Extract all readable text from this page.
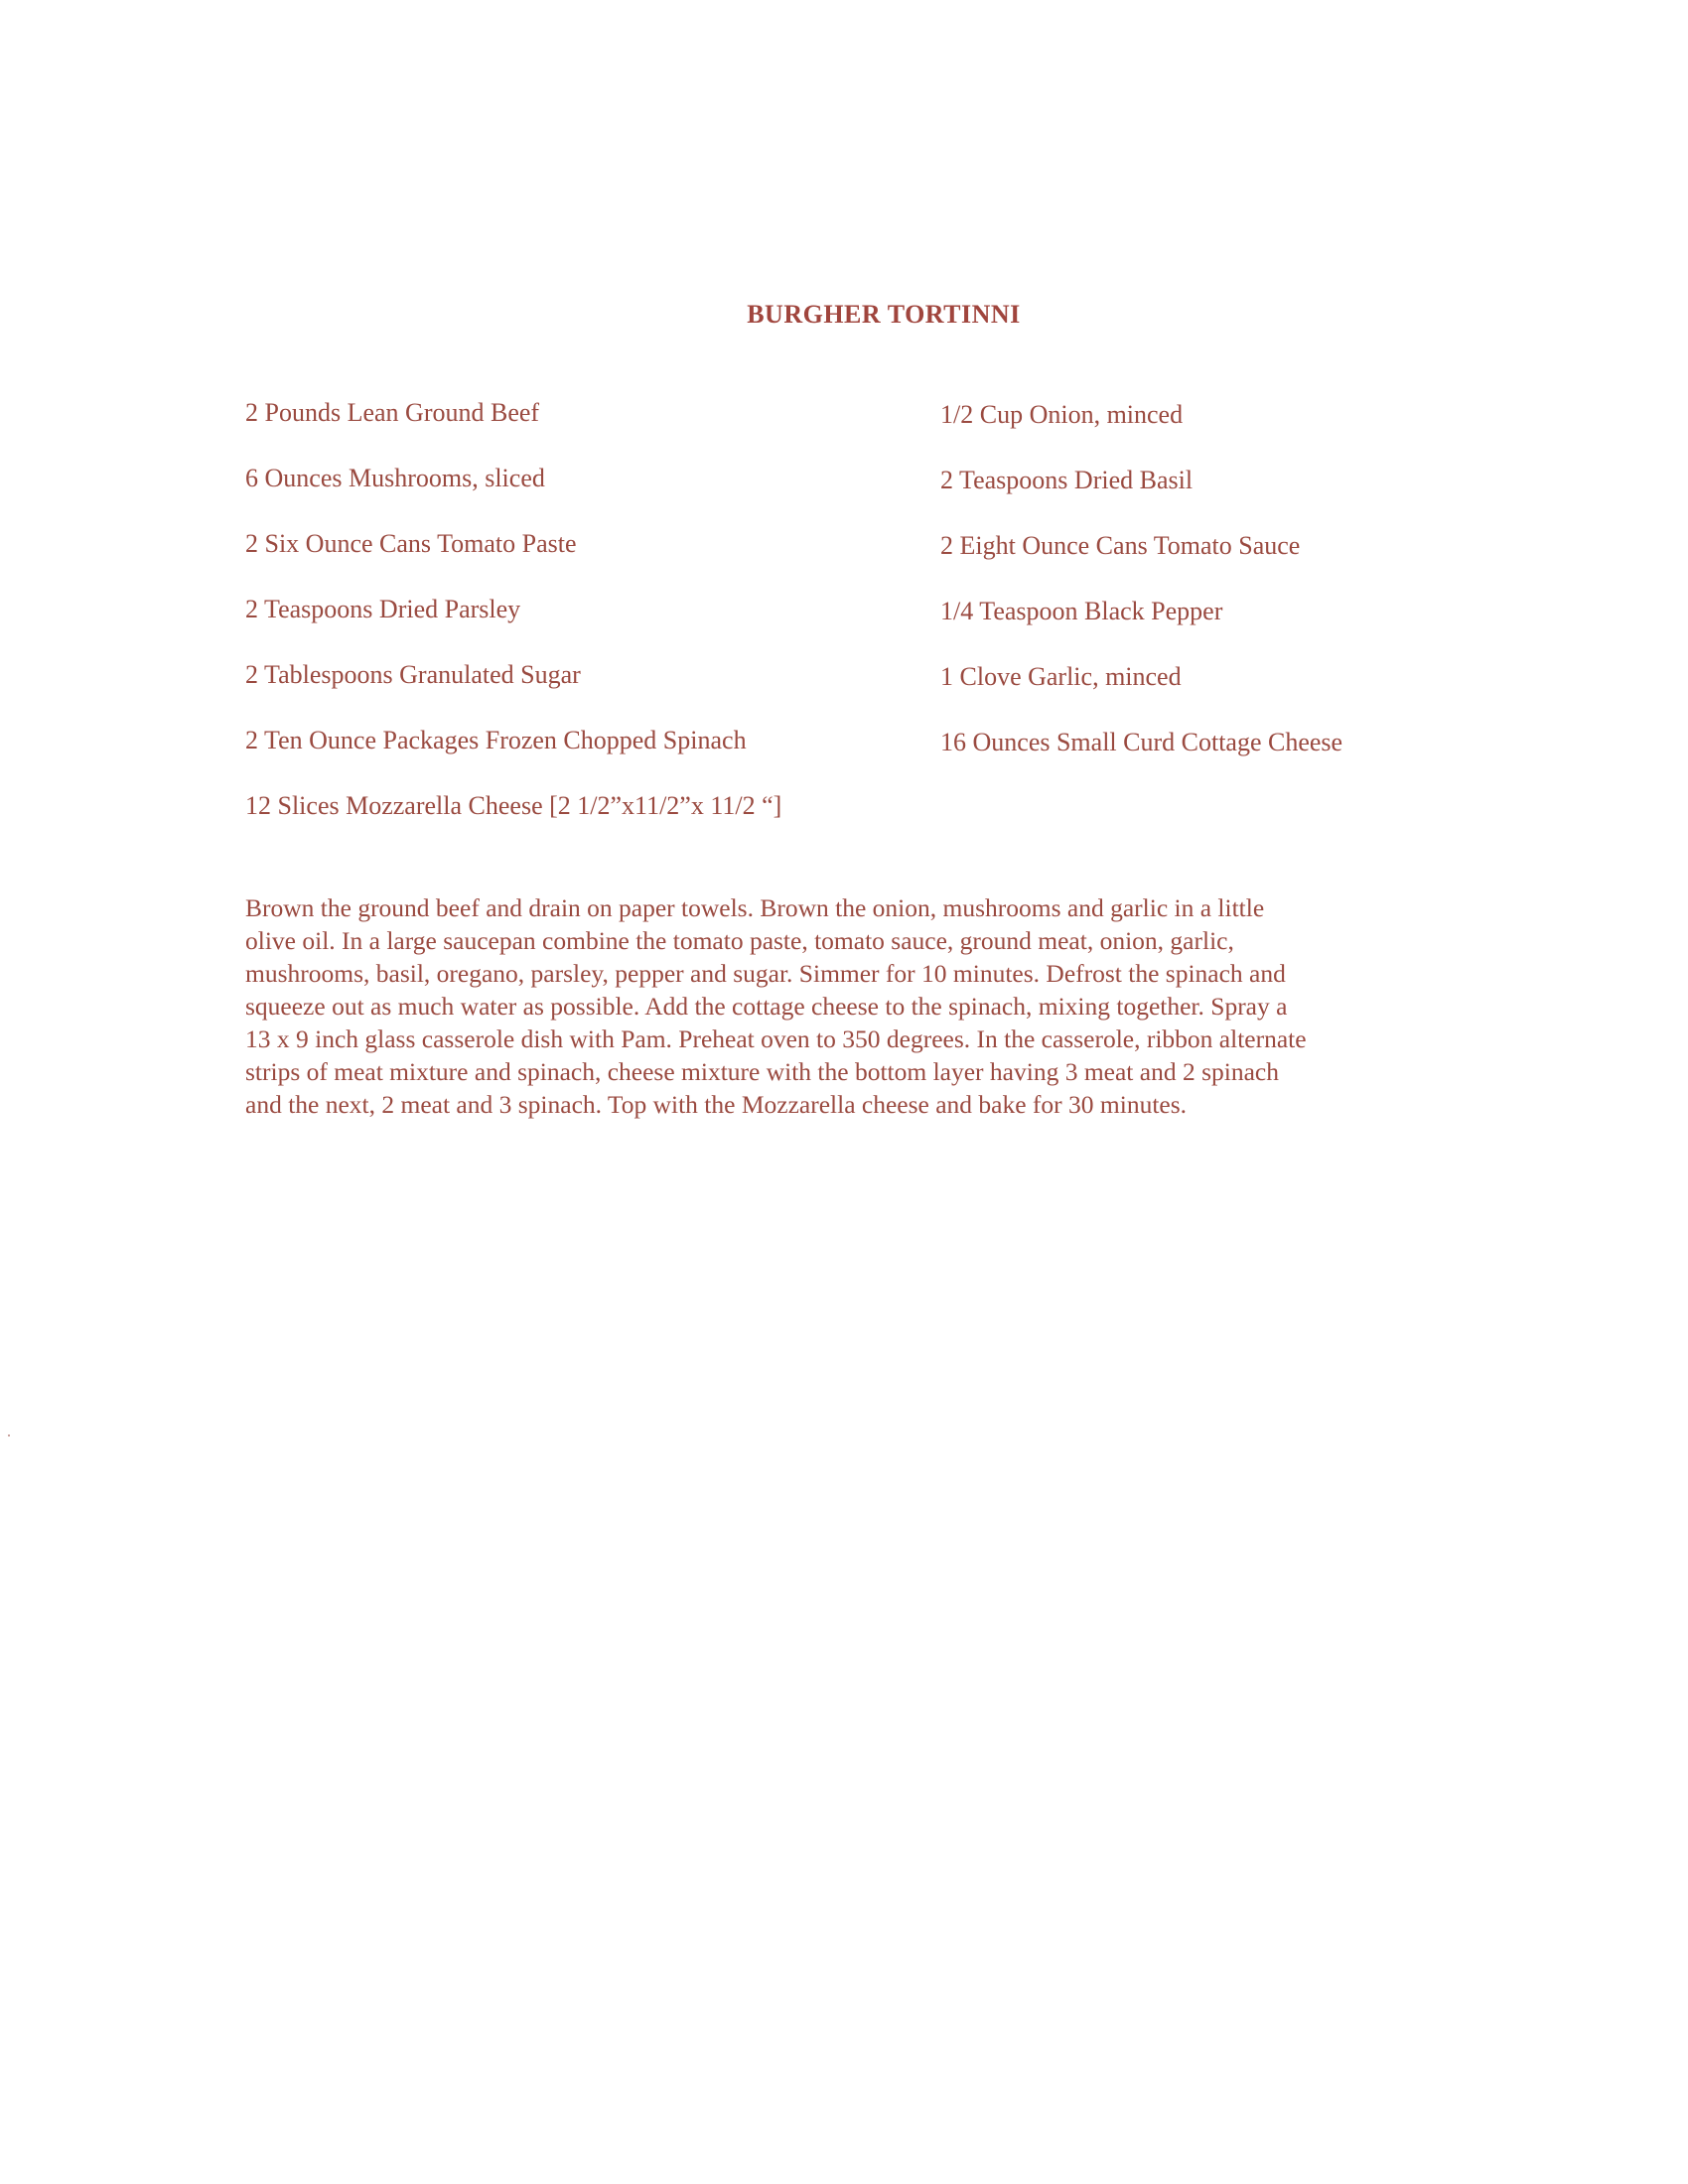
BURGHER TORTINNI
2 Pounds Lean Ground Beef	1/2 Cup Onion, minced
6 Ounces Mushrooms, sliced	2 Teaspoons Dried Basil
2 Six Ounce Cans Tomato Paste	2 Eight Ounce Cans Tomato Sauce
2 Teaspoons Dried Parsley	1/4 Teaspoon Black Pepper
2 Tablespoons Granulated Sugar	1 Clove Garlic, minced
2 Ten Ounce Packages Frozen Chopped Spinach	16 Ounces Small Curd Cottage Cheese
12 Slices Mozzarella Cheese [2 1/2”x11/2”x 11/2 “]
Brown the ground beef and drain on paper towels. Brown the onion, mushrooms and garlic in a little
olive oil. In a large saucepan combine the tomato paste, tomato sauce, ground meat, onion, garlic,
mushrooms, basil, oregano, parsley, pepper and sugar. Simmer for 10 minutes. Defrost the spinach and
squeeze out as much water as possible. Add the cottage cheese to the spinach, mixing together. Spray a
13 x 9 inch glass casserole dish with Pam. Preheat oven to 350 degrees. In the casserole, ribbon alternate
strips of meat mixture and spinach, cheese mixture with the bottom layer having 3 meat and 2 spinach
and the next, 2 meat and 3 spinach. Top with the Mozzarella cheese and bake for 30 minutes.
